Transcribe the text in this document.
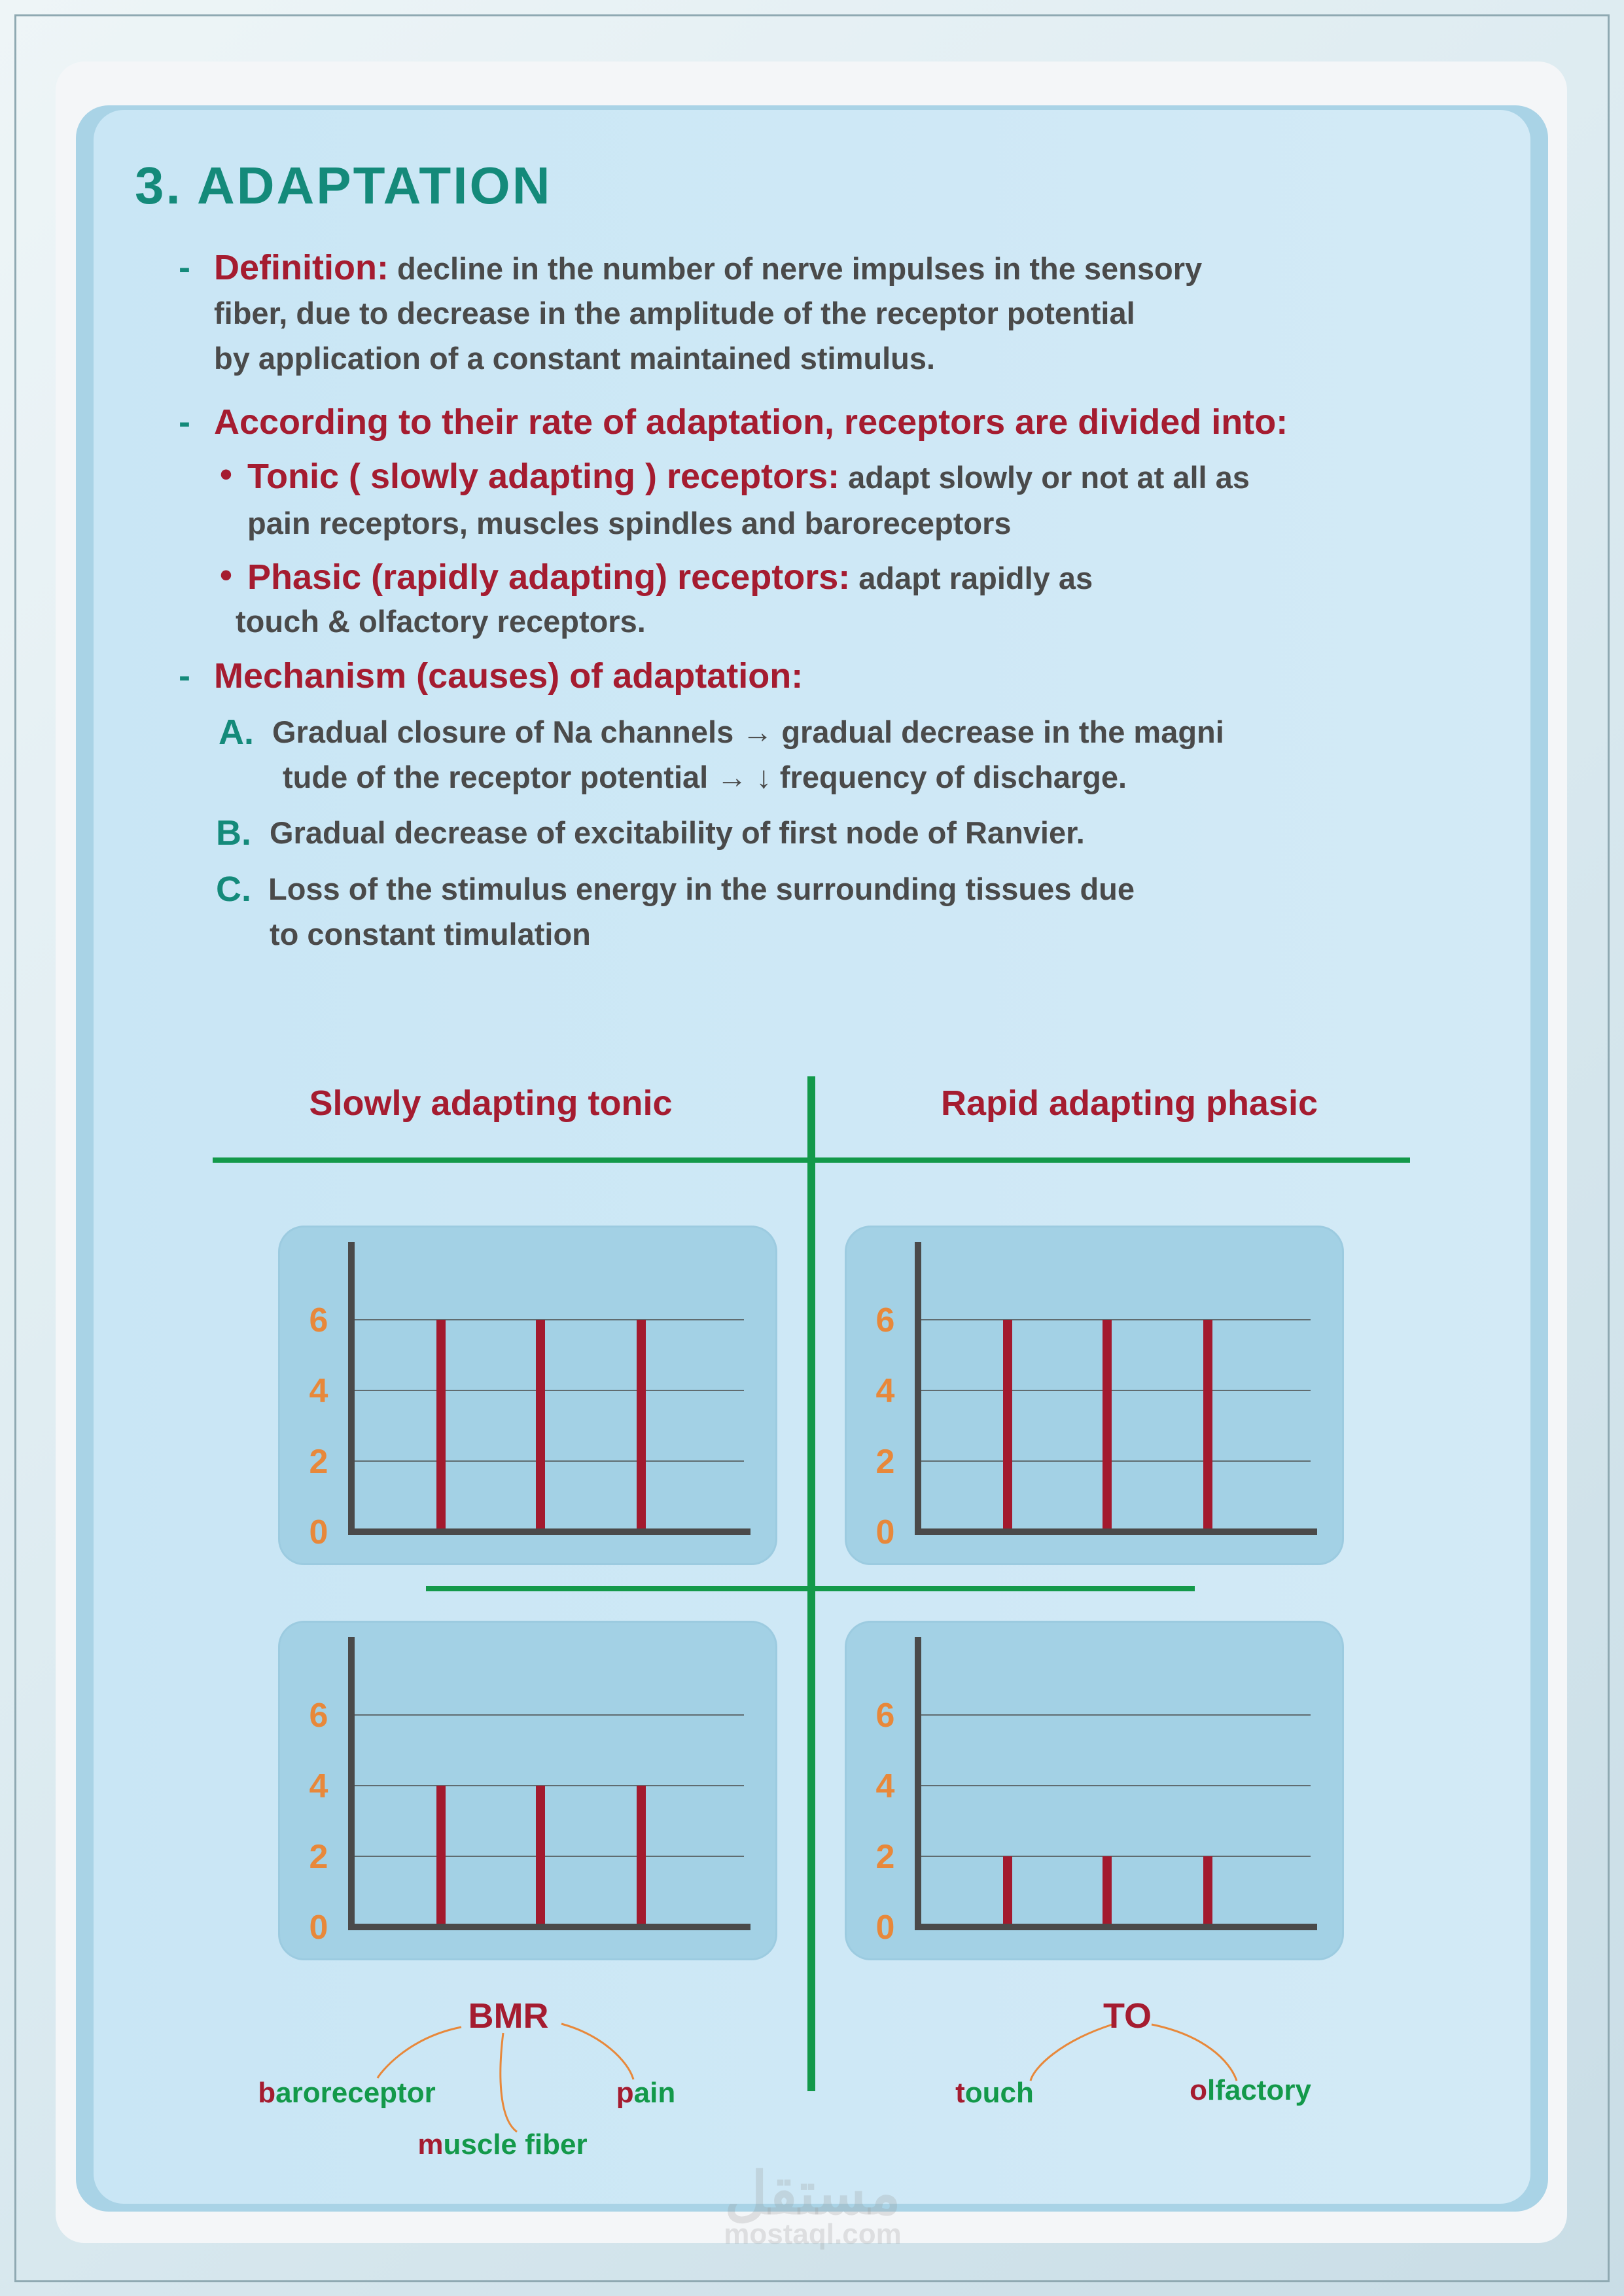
3. ADAPTATION
- Definition: decline in the number of nerve impulses in the sensory
fiber, due to decrease in the amplitude of the receptor potential
by application of a constant maintained stimulus.
- According to their rate of adaptation, receptors are divided into:
• Tonic ( slowly adapting ) receptors: adapt slowly or not at all as
pain receptors, muscles spindles and baroreceptors
• Phasic (rapidly adapting) receptors: adapt rapidly as
touch & olfactory receptors.
- Mechanism (causes) of adaptation:
A. Gradual closure of Na channels → gradual decrease in the magni
tude of the receptor potential → ↓ frequency of discharge.
B. Gradual decrease of excitability of first node of Ranvier.
C. Loss of the stimulus energy in the surrounding tissues due
to constant timulation
Slowly adapting tonic	Rapid adapting phasic
0
2
4
6
0
2
4
6
0
2
4
6
0
2
4
6
BMR
baroreceptor
muscle fiber
pain
TO
touch	olfactory
مستقل
mostaql.com
